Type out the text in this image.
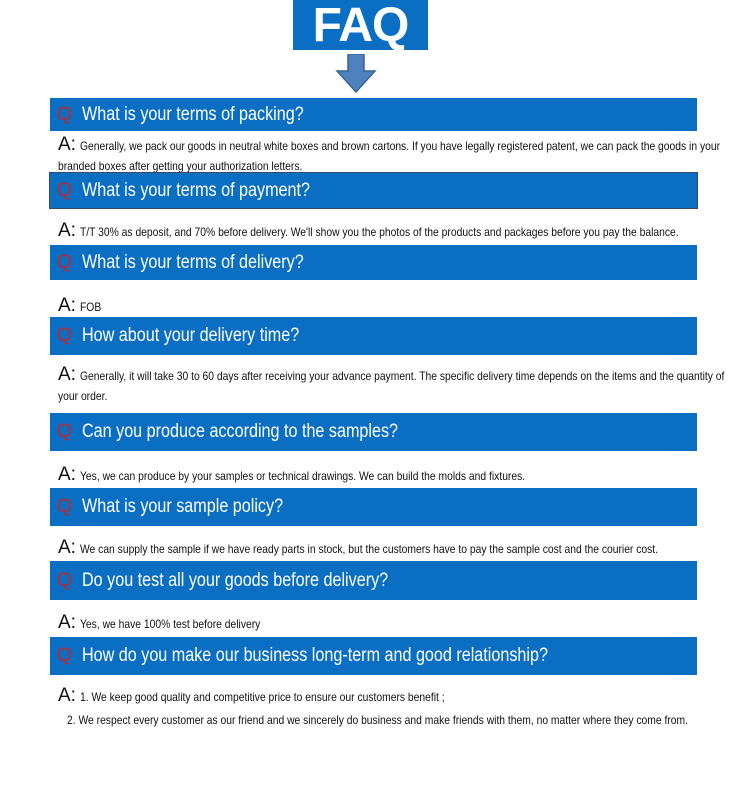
FAQ
Q What is your terms of packing?
A: Generally, we pack our goods in neutral white boxes and brown cartons. If you have legally registered patent, we can pack the goods in your
branded boxes after getting your authorization letters.
Q What is your terms of payment?
A: T/T 30% as deposit, and 70% before delivery. We'll show you the photos of the products and packages before you pay the balance.
Q What is your terms of delivery?
A: FOB
Q How about your delivery time?
A: Generally, it will take 30 to 60 days after receiving your advance payment. The specific delivery time depends on the items and the quantity of
your order.
Q Can you produce according to the samples?
A: Yes, we can produce by your samples or technical drawings. We can build the molds and fixtures.
Q What is your sample policy?
A: We can supply the sample if we have ready parts in stock, but the customers have to pay the sample cost and the courier cost.
Q Do you test all your goods before delivery?
A: Yes, we have 100% test before delivery
Q How do you make our business long-term and good relationship?
A: 1. We keep good quality and competitive price to ensure our customers benefit ;
2. We respect every customer as our friend and we sincerely do business and make friends with them, no matter where they come from.
